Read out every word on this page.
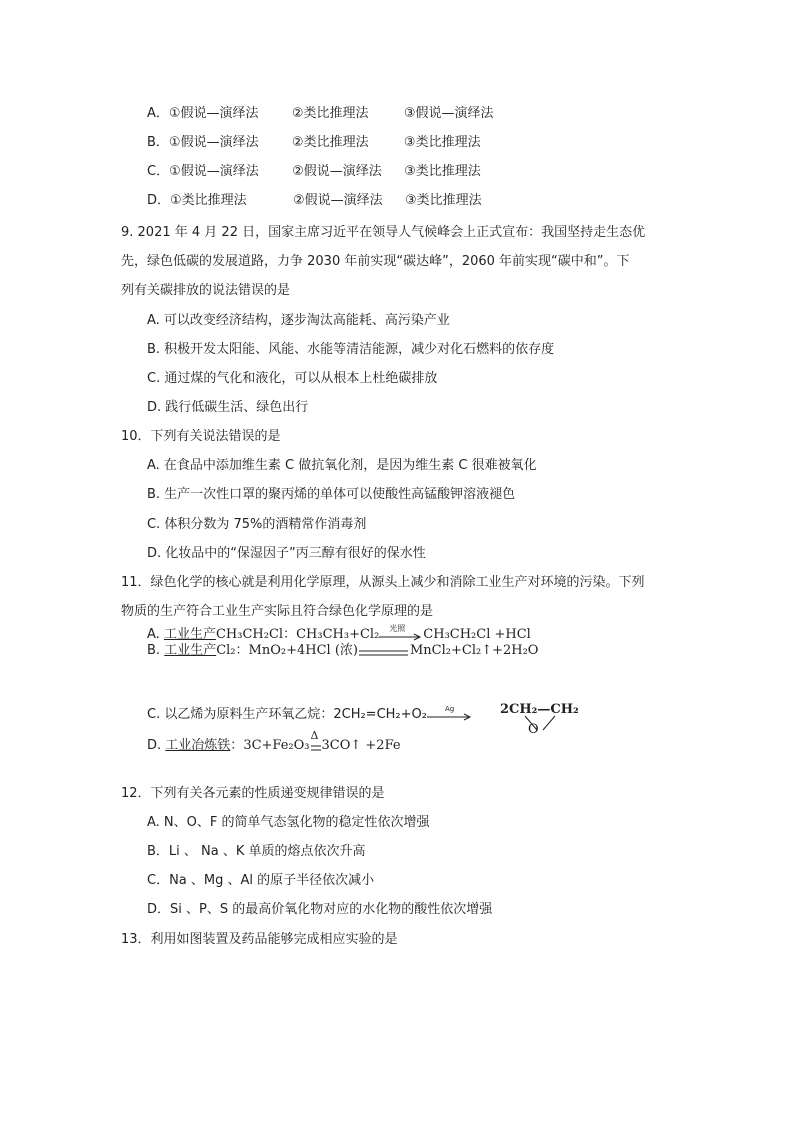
A．①假说—演绎法	②类比推理法	③假说—演绎法
B．①假说—演绎法	②类比推理法	③类比推理法
C．①假说—演绎法	②假说—演绎法 ③类比推理法
D．①类比推理法	②假说—演绎法 ③类比推理法
9. 2021 年 4 月 22 日，国家主席习近平在领导人气候峰会上正式宣布：我国坚持走生态优
先，绿色低碳的发展道路，力争 2030 年前实现“碳达峰”，2060 年前实现“碳中和”。下
列有关碳排放的说法错误的是
A. 可以改变经济结构，逐步淘汰高能耗、高污染产业
B. 积极开发太阳能、风能、水能等清洁能源，减少对化石燃料的依存度
C. 通过煤的气化和液化，可以从根本上杜绝碳排放
D. 践行低碳生活、绿色出行
10．下列有关说法错误的是
A. 在食品中添加维生素 C 做抗氧化剂，是因为维生素 C 很难被氧化
B. 生产一次性口罩的聚丙烯的单体可以使酸性高锰酸钾溶液褪色
C. 体积分数为 75%的酒精常作消毒剂
D. 化妆品中的“保湿因子”丙三醇有很好的保水性
11．绿色化学的核心就是利用化学原理，从源头上减少和消除工业生产对环境的污染。下列
物质的生产符合工业生产实际且符合绿色化学原理的是
A. 工业生产CH₃CH₂Cl：CH₃CH₃+Cl₂ 光照 CH₃CH₂Cl +HCl
B. 工业生产Cl₂：MnO₂+4HCl (浓)	MnCl₂+Cl₂↑+2H₂O
C. 以乙烯为原料生产环氧乙烷：2CH₂=CH₂+O₂	Ag	2CH₂—CH₂
O
D. 工业冶炼铁：3C+Fe₂O₃
Δ
3CO↑ +2Fe
12．下列有关各元素的性质递变规律错误的是
A. N、O、F 的简单气态氢化物的稳定性依次增强
B．Li 、 Na 、K 单质的熔点依次升高
C．Na 、Mg 、Al 的原子半径依次减小
D．Si 、P、S 的最高价氧化物对应的水化物的酸性依次增强
13．利用如图装置及药品能够完成相应实验的是
